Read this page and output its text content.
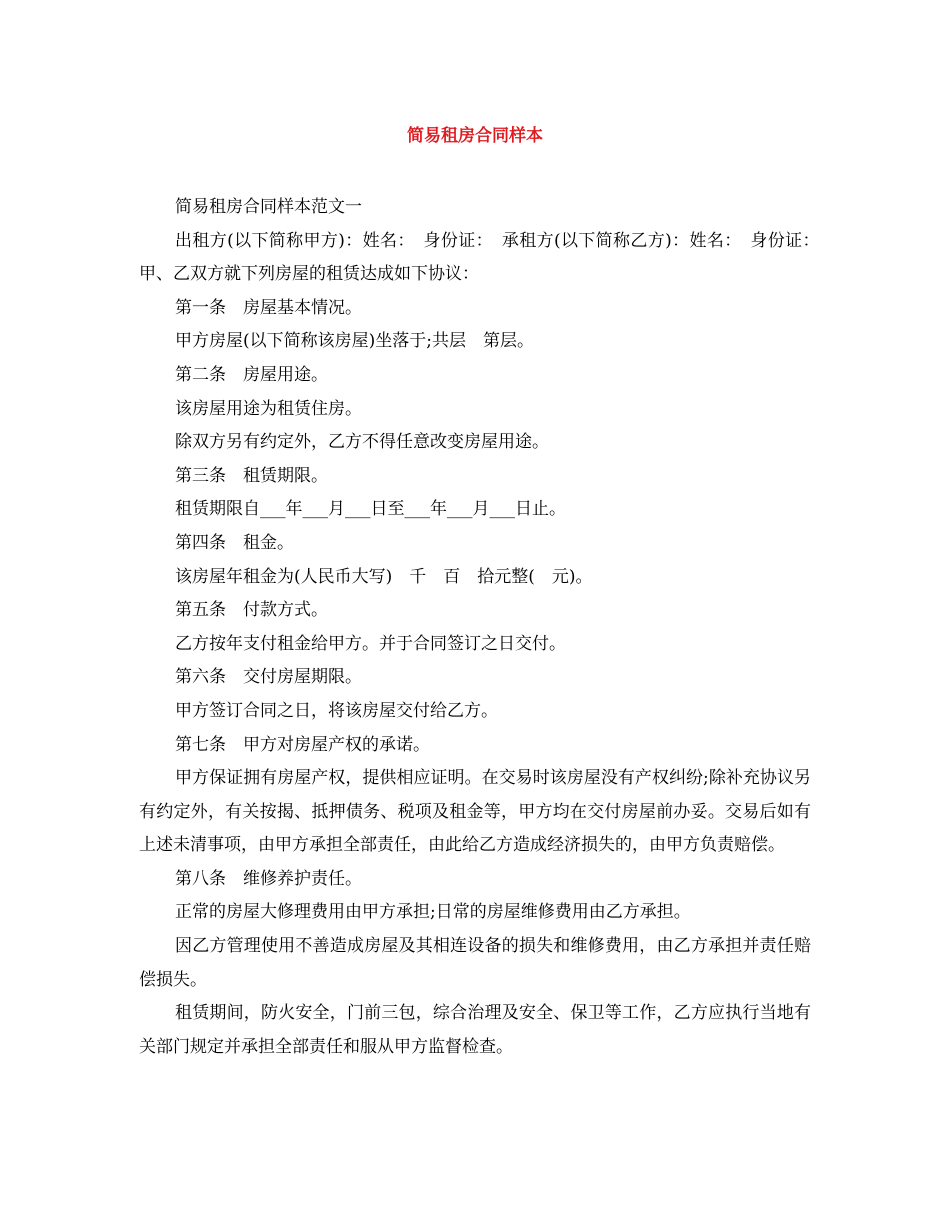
简易租房合同样本

简易租房合同样本范文一

出租方(以下简称甲方)：姓名：　身份证：　承租方(以下简称乙方)：姓名：　身份证：　甲、乙双方就下列房屋的租赁达成如下协议：

第一条　房屋基本情况。

甲方房屋(以下简称该房屋)坐落于;共层　第层。

第二条　房屋用途。

该房屋用途为租赁住房。

除双方另有约定外，乙方不得任意改变房屋用途。

第三条　租赁期限。

租赁期限自___年___月___日至___年___月___日止。

第四条　租金。

该房屋年租金为(人民币大写)　千　百　拾元整(　元)。

第五条　付款方式。

乙方按年支付租金给甲方。并于合同签订之日交付。

第六条　交付房屋期限。

甲方签订合同之日，将该房屋交付给乙方。

第七条　甲方对房屋产权的承诺。

甲方保证拥有房屋产权，提供相应证明。在交易时该房屋没有产权纠纷;除补充协议另有约定外，有关按揭、抵押债务、税项及租金等，甲方均在交付房屋前办妥。交易后如有上述未清事项，由甲方承担全部责任，由此给乙方造成经济损失的，由甲方负责赔偿。

第八条　维修养护责任。

正常的房屋大修理费用由甲方承担;日常的房屋维修费用由乙方承担。

因乙方管理使用不善造成房屋及其相连设备的损失和维修费用，由乙方承担并责任赔偿损失。

租赁期间，防火安全，门前三包，综合治理及安全、保卫等工作，乙方应执行当地有关部门规定并承担全部责任和服从甲方监督检查。
